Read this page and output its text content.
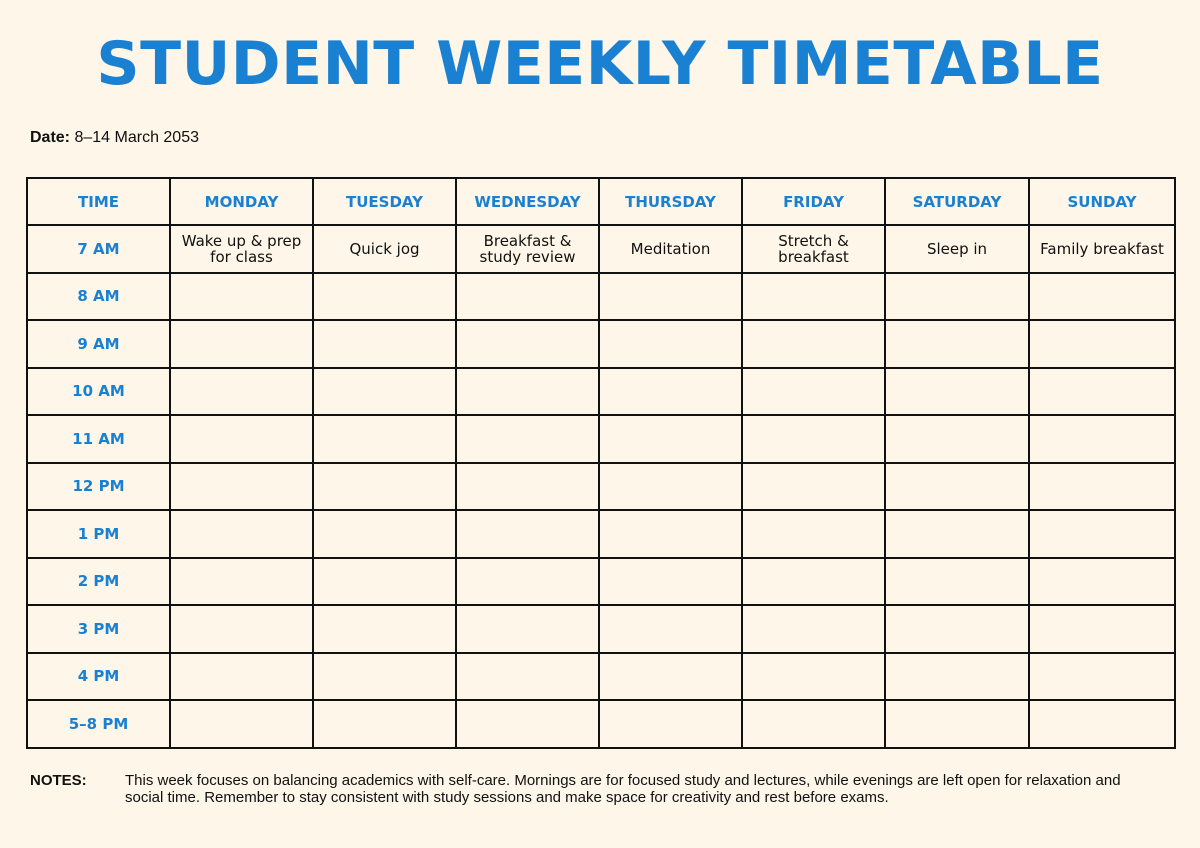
STUDENT WEEKLY TIMETABLE
Date: 8–14 March 2053
TIME	MONDAY	TUESDAY	WEDNESDAY	THURSDAY	FRIDAY	SATURDAY	SUNDAY
7 AM	Wake up & prep for class	Quick jog	Breakfast & study review	Meditation	Stretch & breakfast	Sleep in	Family breakfast
8 AM							
9 AM							
10 AM							
11 AM							
12 PM							
1 PM							
2 PM							
3 PM							
4 PM							
5–8 PM							
NOTES:	This week focuses on balancing academics with self-care. Mornings are for focused study and lectures, while evenings are left open for relaxation and social time. Remember to stay consistent with study sessions and make space for creativity and rest before exams.
